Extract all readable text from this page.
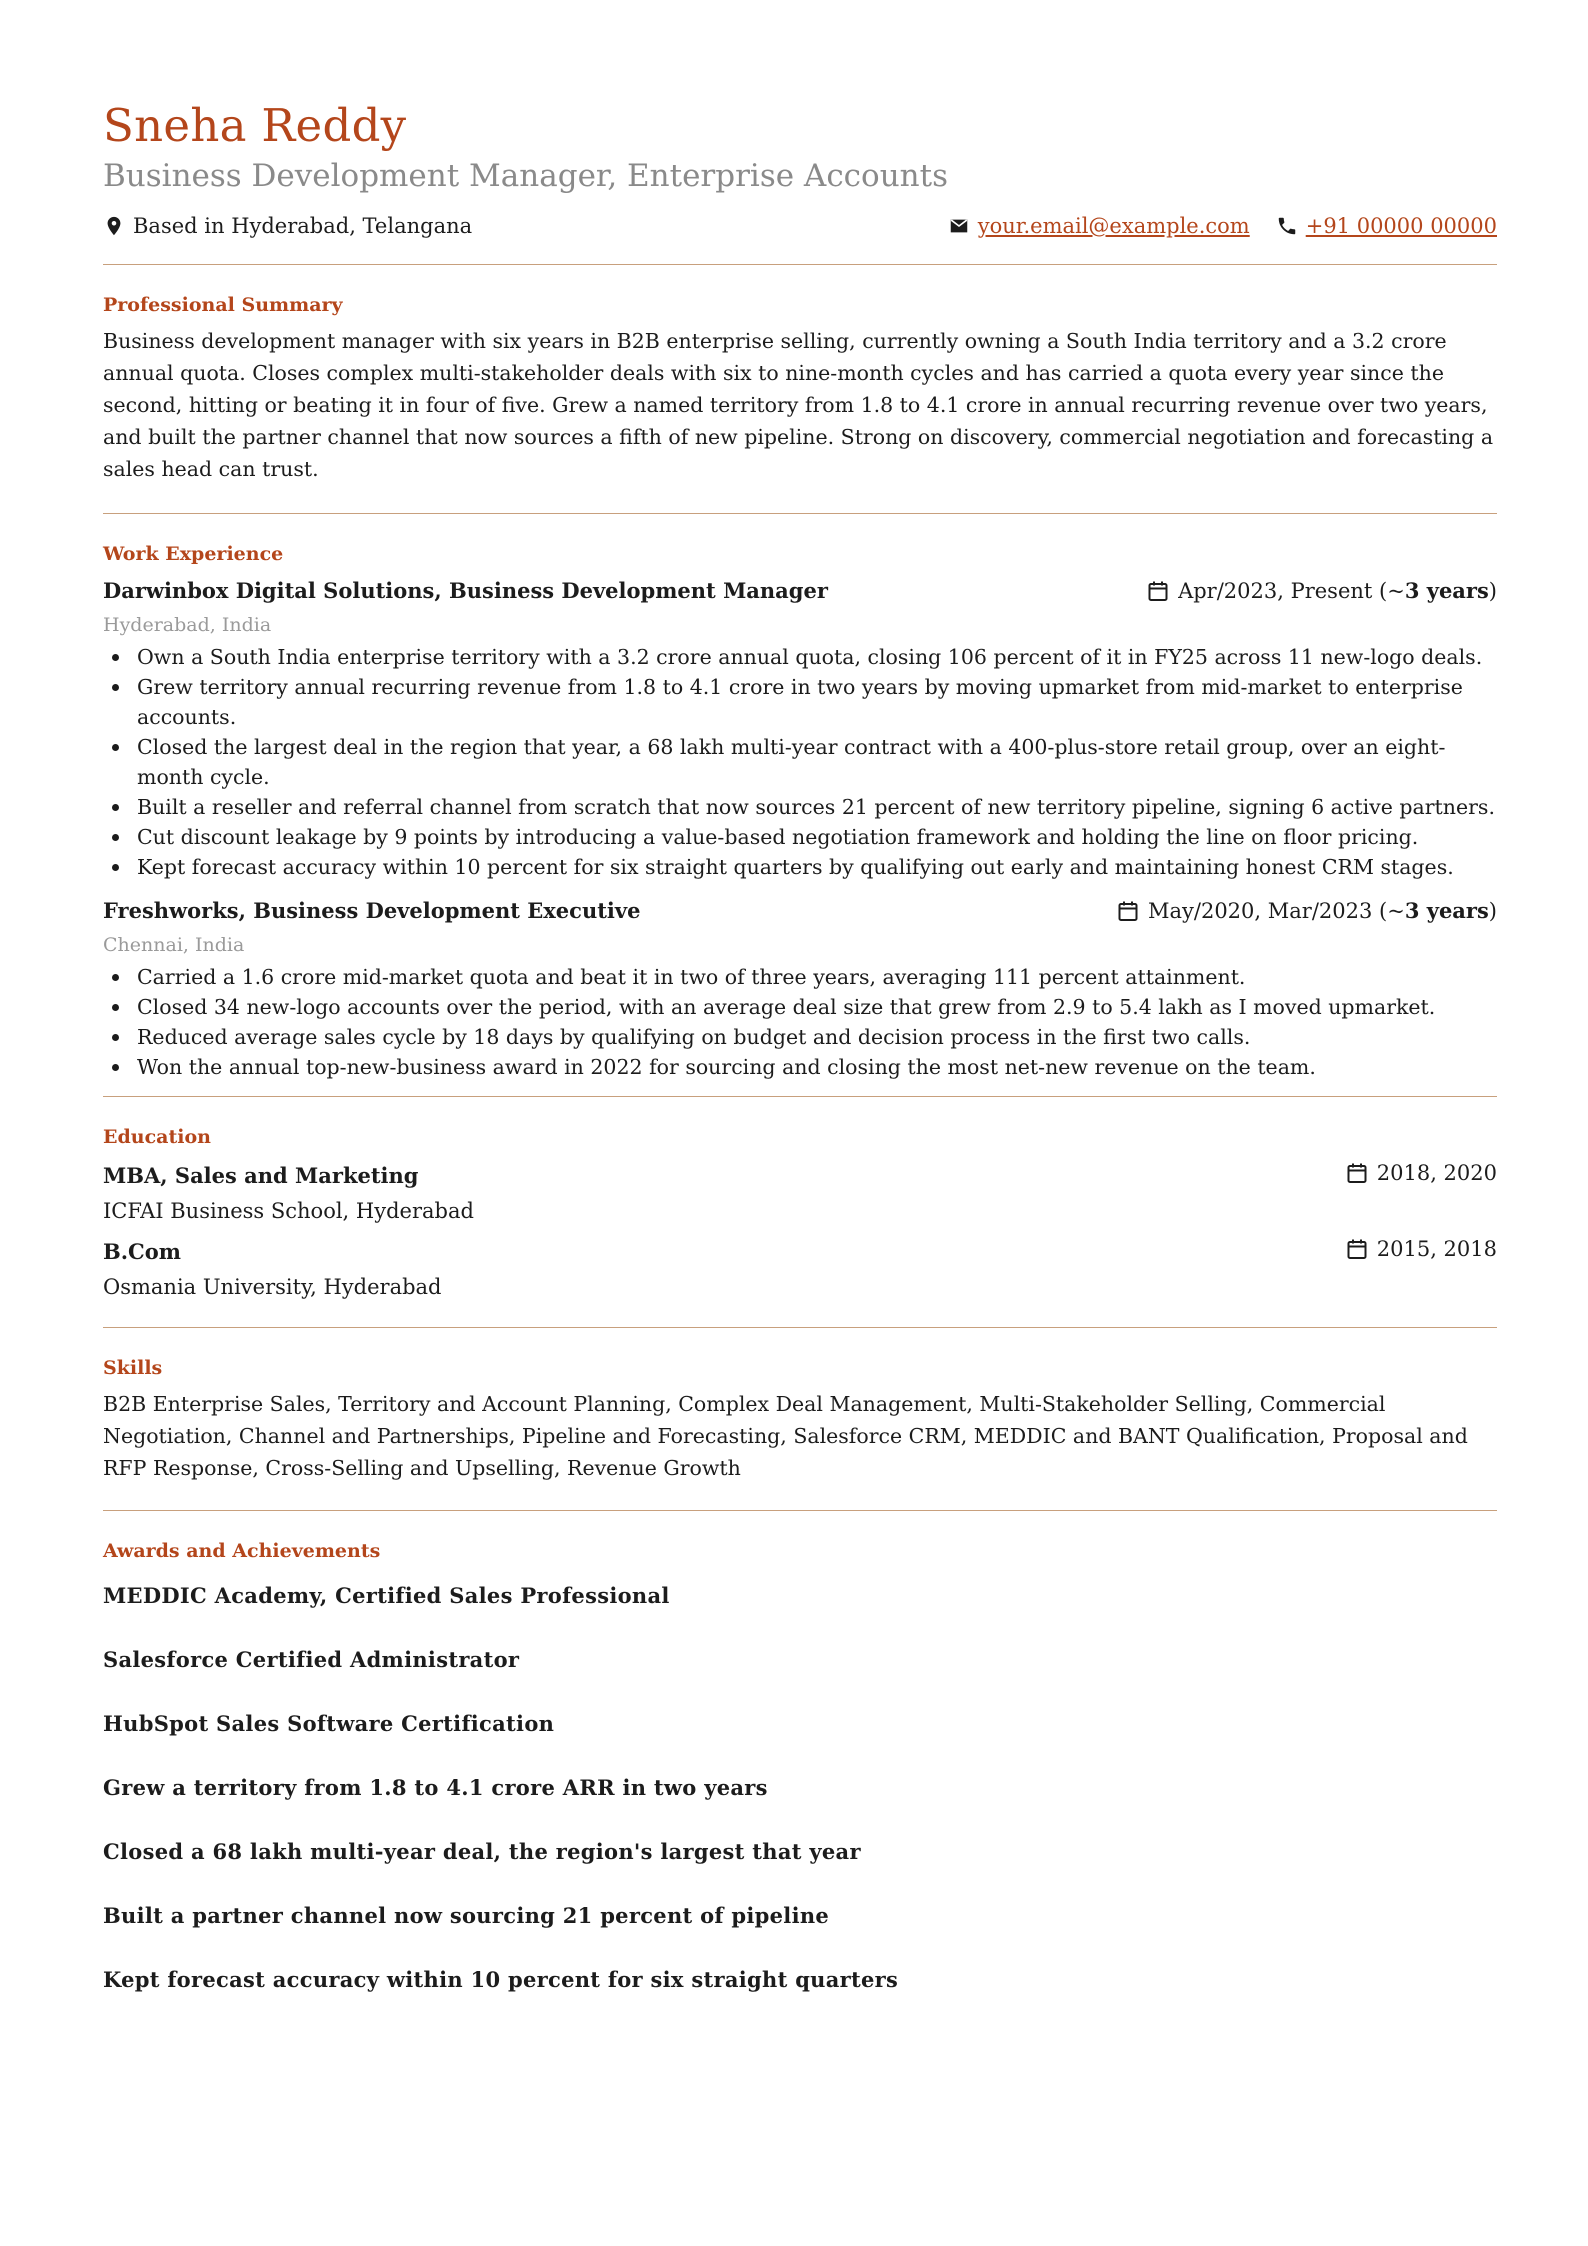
Sneha Reddy
Business Development Manager, Enterprise Accounts
Based in Hyderabad, Telangana	your.email@example.com	+91 00000 00000
Professional Summary
Business development manager with six years in B2B enterprise selling, currently owning a South India territory and a 3.2 crore annual quota. Closes complex multi-stakeholder deals with six to nine-month cycles and has carried a quota every year since the second, hitting or beating it in four of five. Grew a named territory from 1.8 to 4.1 crore in annual recurring revenue over two years, and built the partner channel that now sources a fifth of new pipeline. Strong on discovery, commercial negotiation and forecasting a sales head can trust.
Work Experience
Darwinbox Digital Solutions, Business Development Manager	Apr/2023, Present (~ 3 years )
Hyderabad, India
Own a South India enterprise territory with a 3.2 crore annual quota, closing 106 percent of it in FY25 across 11 new-logo deals.
Grew territory annual recurring revenue from 1.8 to 4.1 crore in two years by moving upmarket from mid-market to enterprise accounts.
Closed the largest deal in the region that year, a 68 lakh multi-year contract with a 400-plus-store retail group, over an eight-month cycle.
Built a reseller and referral channel from scratch that now sources 21 percent of new territory pipeline, signing 6 active partners.
Cut discount leakage by 9 points by introducing a value-based negotiation framework and holding the line on floor pricing.
Kept forecast accuracy within 10 percent for six straight quarters by qualifying out early and maintaining honest CRM stages.
Freshworks, Business Development Executive	May/2020, Mar/2023 (~ 3 years )
Chennai, India
Carried a 1.6 crore mid-market quota and beat it in two of three years, averaging 111 percent attainment.
Closed 34 new-logo accounts over the period, with an average deal size that grew from 2.9 to 5.4 lakh as I moved upmarket.
Reduced average sales cycle by 18 days by qualifying on budget and decision process in the first two calls.
Won the annual top-new-business award in 2022 for sourcing and closing the most net-new revenue on the team.
Education
MBA, Sales and Marketing	2018, 2020
ICFAI Business School, Hyderabad
B.Com	2015, 2018
Osmania University, Hyderabad
Skills
B2B Enterprise Sales, Territory and Account Planning, Complex Deal Management, Multi-Stakeholder Selling, Commercial Negotiation, Channel and Partnerships, Pipeline and Forecasting, Salesforce CRM, MEDDIC and BANT Qualification, Proposal and RFP Response, Cross-Selling and Upselling, Revenue Growth
Awards and Achievements
MEDDIC Academy, Certified Sales Professional
Salesforce Certified Administrator
HubSpot Sales Software Certification
Grew a territory from 1.8 to 4.1 crore ARR in two years
Closed a 68 lakh multi-year deal, the region's largest that year
Built a partner channel now sourcing 21 percent of pipeline
Kept forecast accuracy within 10 percent for six straight quarters
